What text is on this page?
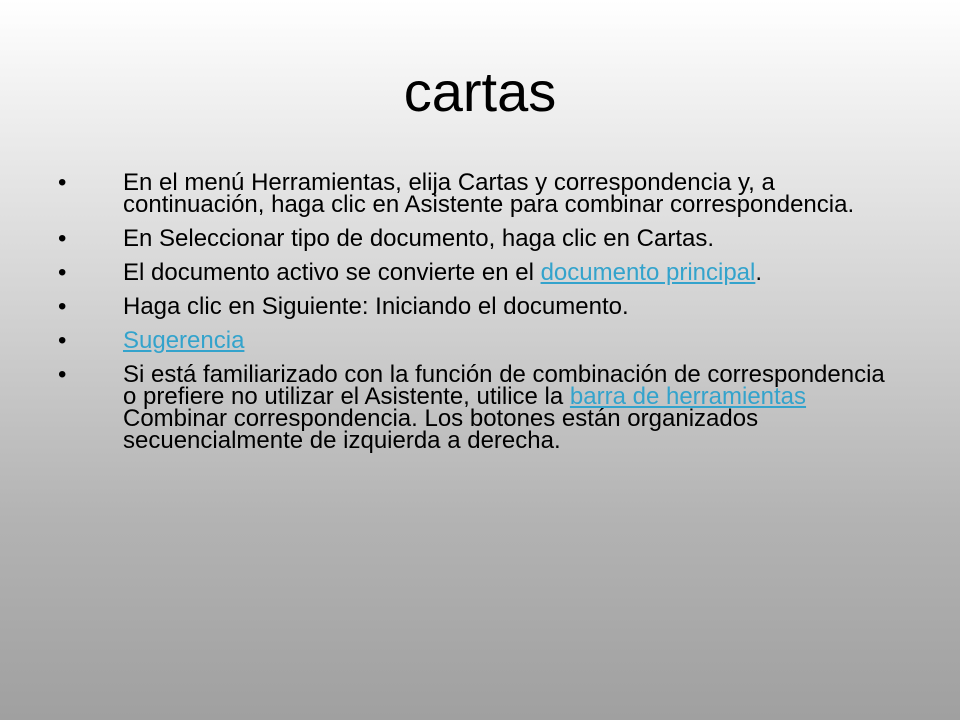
cartas
• En el menú Herramientas, elija Cartas y correspondencia y, a continuación, haga clic en Asistente para combinar correspondencia.
• En Seleccionar tipo de documento, haga clic en Cartas.
• El documento activo se convierte en el documento principal.
• Haga clic en Siguiente: Iniciando el documento.
• Sugerencia
• Si está familiarizado con la función de combinación de correspondencia o prefiere no utilizar el Asistente, utilice la barra de herramientas Combinar correspondencia. Los botones están organizados secuencialmente de izquierda a derecha.
